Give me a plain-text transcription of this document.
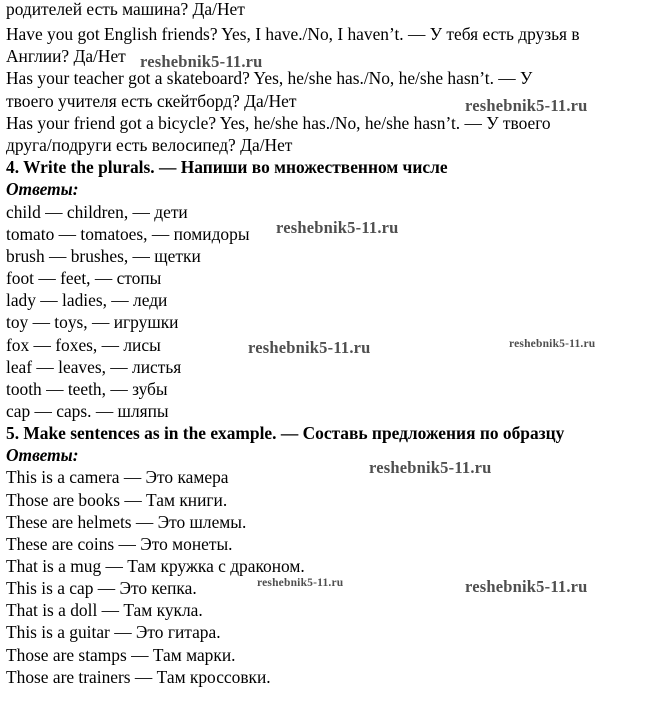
родителей есть машина? Да/Нет
Have you got English friends? Yes, I have./No, I haven’t. — У тебя есть друзья в
Англии? Да/Нет
Has your teacher got a skateboard? Yes, he/she has./No, he/she hasn’t. — У
твоего учителя есть скейтборд? Да/Нет
Has your friend got a bicycle? Yes, he/she has./No, he/she hasn’t. — У твоего
друга/подруги есть велосипед? Да/Нет
4. Write the plurals. — Напиши во множественном числе
Ответы:
child — children, — дети
tomato — tomatoes, — помидоры
brush — brushes, — щетки
foot — feet, — стопы
lady — ladies, — леди
toy — toys, — игрушки
fox — foxes, — лисы
leaf — leaves, — листья
tooth — teeth, — зубы
cap — caps. — шляпы
5. Make sentences as in the example. — Составь предложения по образцу
Ответы:
This is a camera — Это камера
Those are books — Там книги.
These are helmets — Это шлемы.
These are coins — Это монеты.
That is a mug — Там кружка с драконом.
This is a cap — Это кепка.
That is a doll — Там кукла.
This is a guitar — Это гитара.
Those are stamps — Там марки.
Those are trainers — Там кроссовки.
reshebnik5-11.ru
reshebnik5-11.ru
reshebnik5-11.ru
reshebnik5-11.ru	reshebnik5-11.ru
reshebnik5-11.ru
reshebnik5-11.ru	reshebnik5-11.ru
